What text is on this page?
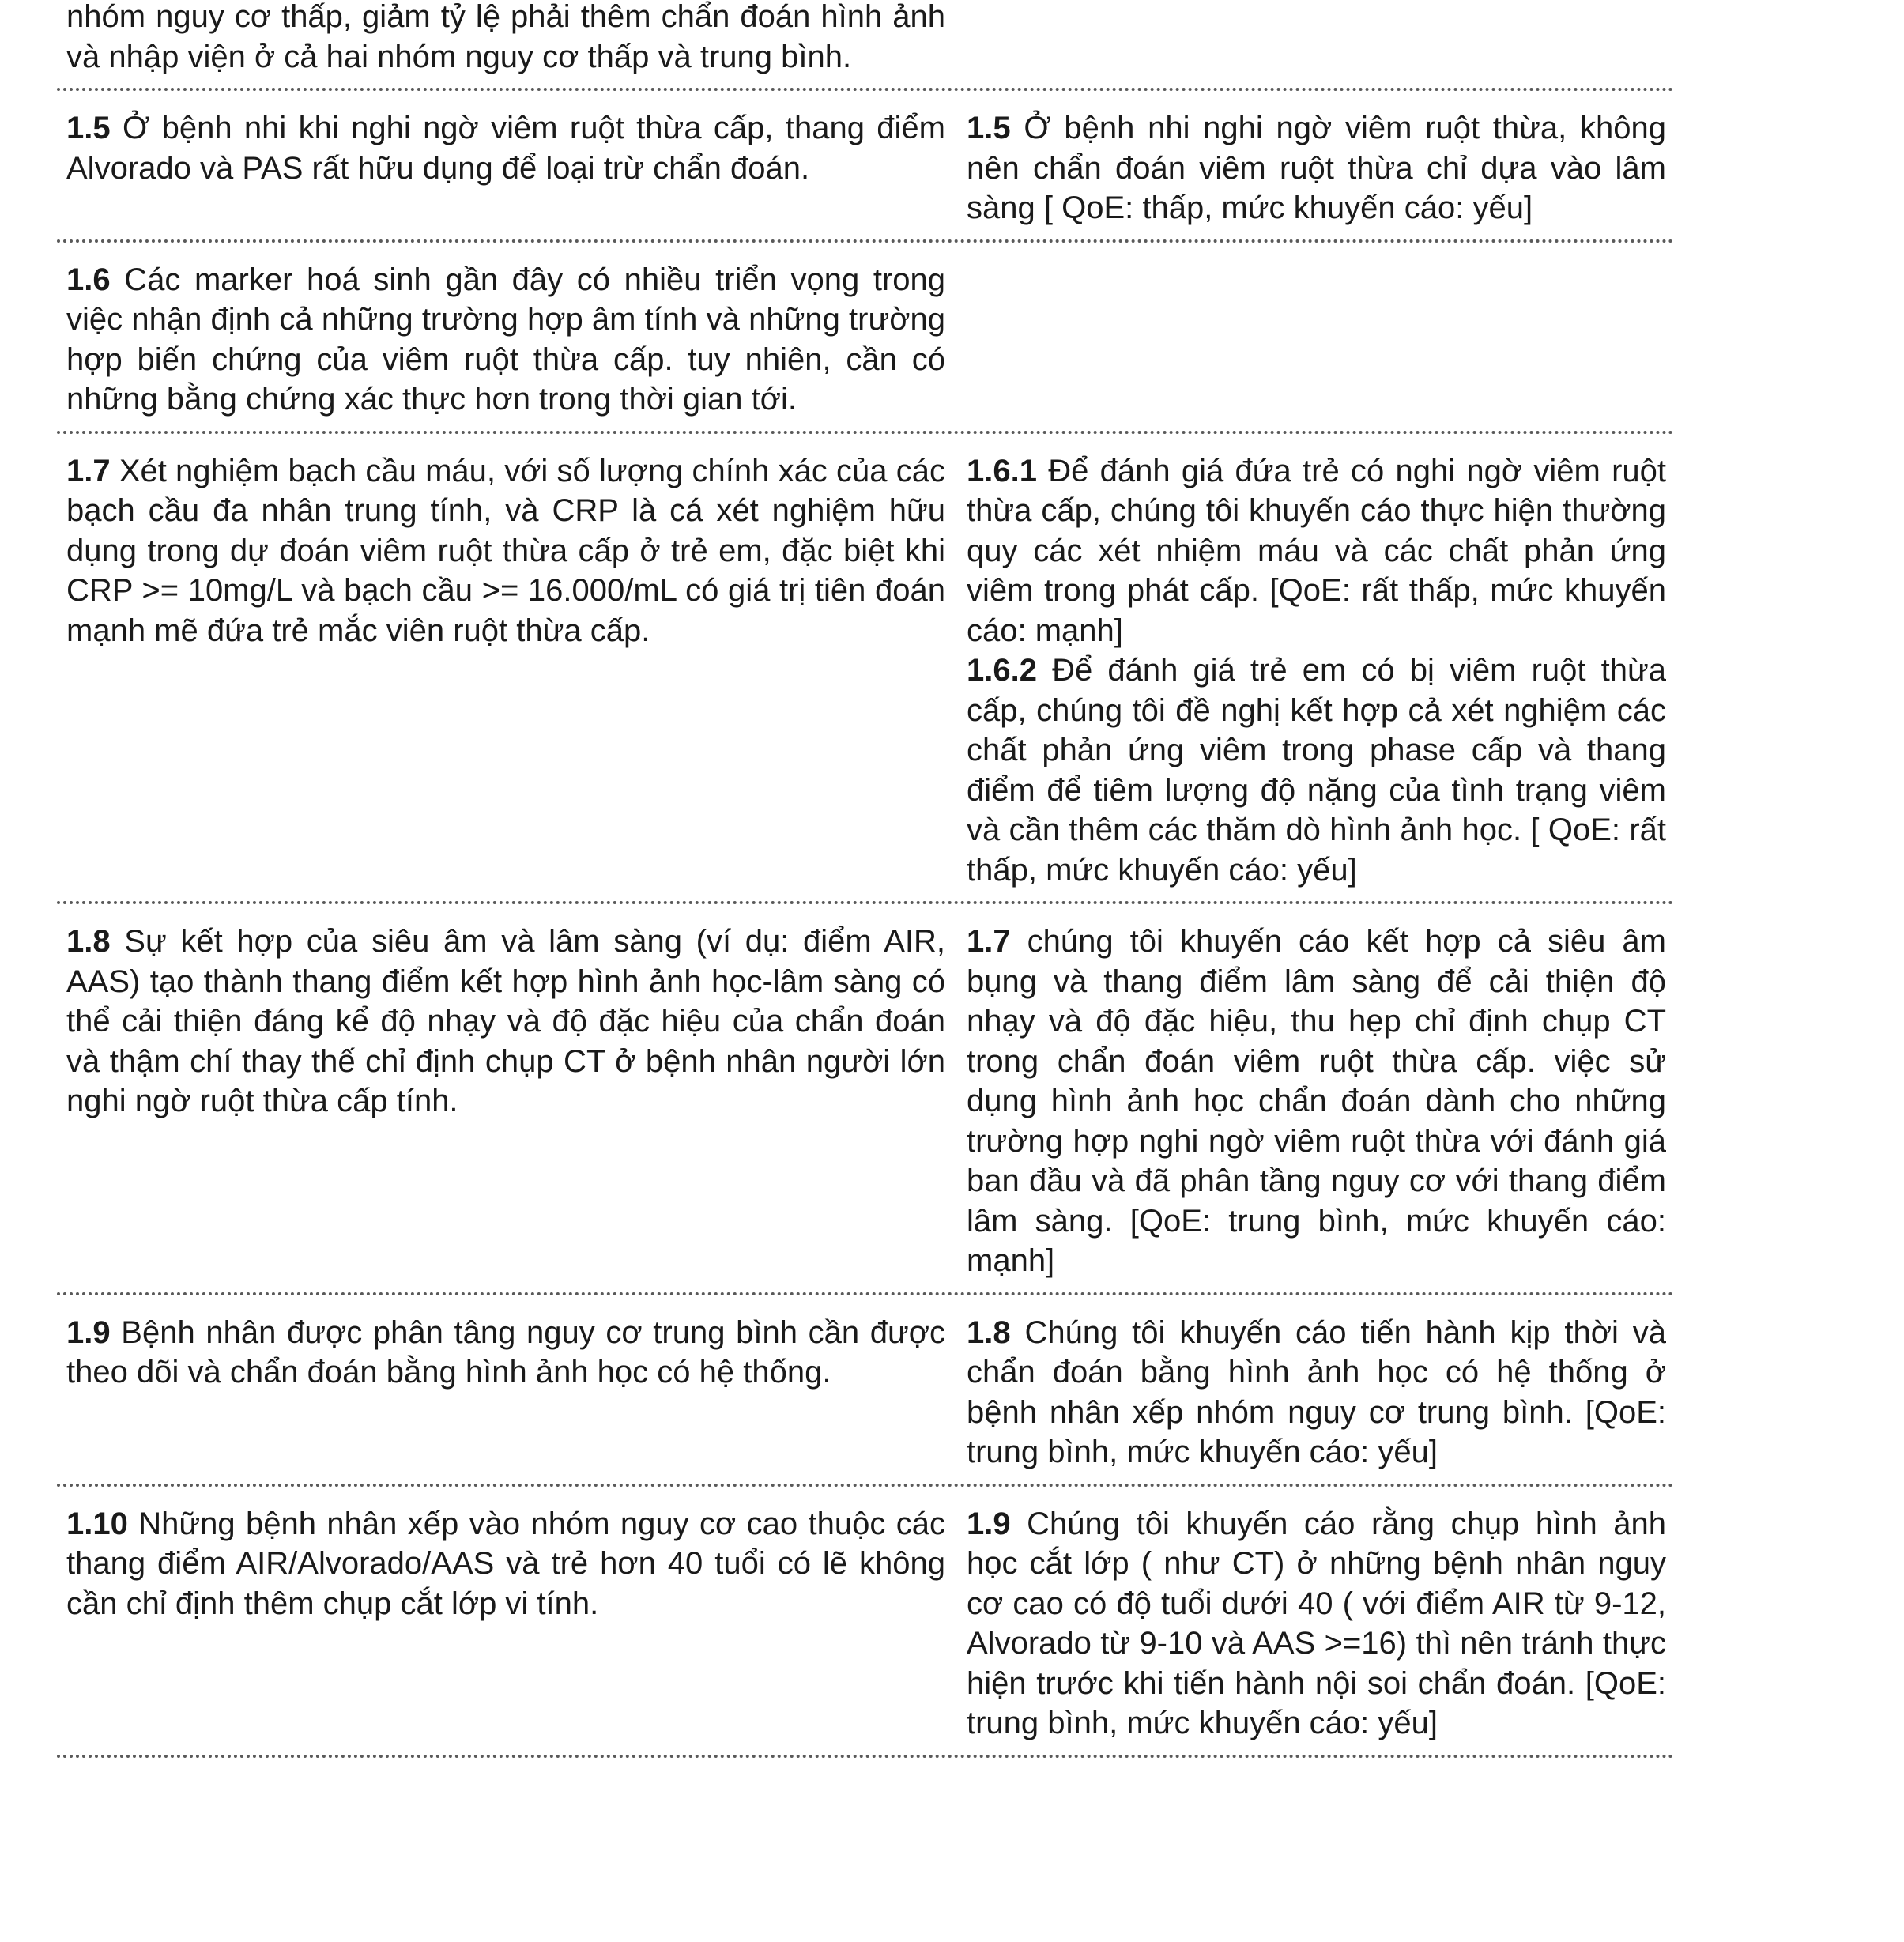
nhóm nguy cơ thấp, giảm tỷ lệ phải thêm chẩn đoán hình ảnh và nhập viện ở cả hai nhóm nguy cơ thấp và trung bình.

1.5 Ở bệnh nhi khi nghi ngờ viêm ruột thừa cấp, thang điểm Alvorado và PAS rất hữu dụng để loại trừ chẩn đoán.

1.5 Ở bệnh nhi nghi ngờ viêm ruột thừa, không nên chẩn đoán viêm ruột thừa chỉ dựa vào lâm sàng [ QoE: thấp, mức khuyến cáo: yếu]

1.6 Các marker hoá sinh gần đây có nhiều triển vọng trong việc nhận định cả những trường hợp âm tính và những trường hợp biến chứng của viêm ruột thừa cấp. tuy nhiên, cần có những bằng chứng xác thực hơn trong thời gian tới.

1.7 Xét nghiệm bạch cầu máu, với số lượng chính xác của các bạch cầu đa nhân trung tính, và CRP là cá xét nghiệm hữu dụng trong dự đoán viêm ruột thừa cấp ở trẻ em, đặc biệt khi CRP >= 10mg/L và bạch cầu >= 16.000/mL có giá trị tiên đoán mạnh mẽ đứa trẻ mắc viên ruột thừa cấp.

1.6.1 Để đánh giá đứa trẻ có nghi ngờ viêm ruột thừa cấp, chúng tôi khuyến cáo thực hiện thường quy các xét nhiệm máu và các chất phản ứng viêm trong phát cấp. [QoE: rất thấp, mức khuyến cáo: mạnh]

1.6.2 Để đánh giá trẻ em có bị viêm ruột thừa cấp, chúng tôi đề nghị kết hợp cả xét nghiệm các chất phản ứng viêm trong phase cấp và thang điểm để tiêm lượng độ nặng của tình trạng viêm và cần thêm các thăm dò hình ảnh học. [ QoE: rất thấp, mức khuyến cáo: yếu]

1.8 Sự kết hợp của siêu âm và lâm sàng (ví dụ: điểm AIR, AAS) tạo thành thang điểm kết hợp hình ảnh học-lâm sàng có thể cải thiện đáng kể độ nhạy và độ đặc hiệu của chẩn đoán và thậm chí thay thế chỉ định chụp CT ở bệnh nhân người lớn nghi ngờ ruột thừa cấp tính.

1.7 chúng tôi khuyến cáo kết hợp cả siêu âm bụng và thang điểm lâm sàng để cải thiện độ nhạy và độ đặc hiệu, thu hẹp chỉ định chụp CT trong chẩn đoán viêm ruột thừa cấp. việc sử dụng hình ảnh học chẩn đoán dành cho những trường hợp nghi ngờ viêm ruột thừa với đánh giá ban đầu và đã phân tầng nguy cơ với thang điểm lâm sàng. [QoE: trung bình, mức khuyến cáo: mạnh]

1.9 Bệnh nhân được phân tâng nguy cơ trung bình cần được theo dõi và chẩn đoán bằng hình ảnh học có hệ thống.

1.8 Chúng tôi khuyến cáo tiến hành kịp thời và chẩn đoán bằng hình ảnh học có hệ thống ở bệnh nhân xếp nhóm nguy cơ trung bình. [QoE: trung bình, mức khuyến cáo: yếu]

1.10 Những bệnh nhân xếp vào nhóm nguy cơ cao thuộc các thang điểm AIR/Alvorado/AAS và trẻ hơn 40 tuổi có lẽ không cần chỉ định thêm chụp cắt lớp vi tính.

1.9 Chúng tôi khuyến cáo rằng chụp hình ảnh học cắt lớp ( như CT) ở những bệnh nhân nguy cơ cao có độ tuổi dưới 40 ( với điểm AIR từ 9-12, Alvorado từ 9-10 và AAS >=16) thì nên tránh thực hiện trước khi tiến hành nội soi chẩn đoán. [QoE: trung bình, mức khuyến cáo: yếu]
